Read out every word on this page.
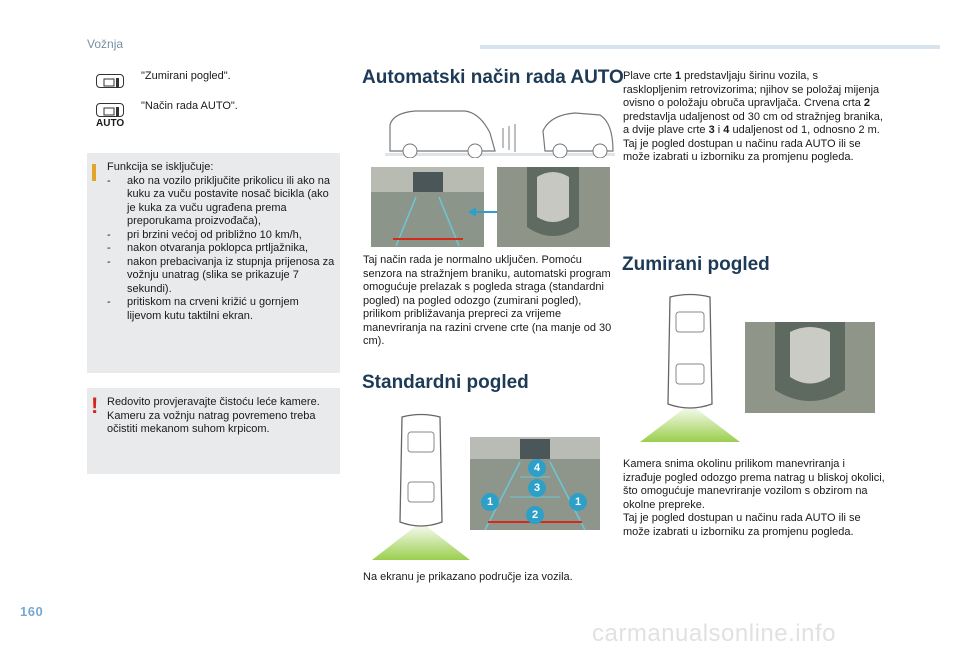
Vožnja
"Zumirani pogled".
AUTO
"Način rada AUTO".
Funkcija se isključuje:
- ako na vozilo priključite prikolicu ili ako na kuku za vuču postavite nosač bicikla (ako je kuka za vuču ugrađena prema preporukama proizvođača),
- pri brzini većoj od približno 10 km/h,
- nakon otvaranja poklopca prtljažnika,
- nakon prebacivanja iz stupnja prijenosa za vožnju unatrag (slika se prikazuje 7 sekundi).
- pritiskom na crveni križić u gornjem lijevom kutu taktilni ekran.
! Redovito provjeravajte čistoću leće kamere.
Kameru za vožnju natrag povremeno treba očistiti mekanom suhom krpicom.
Automatski način rada AUTO
Taj način rada je normalno uključen. Pomoću senzora na stražnjem braniku, automatski program omogućuje prelazak s pogleda straga (standardni pogled) na pogled odozgo (zumirani pogled), prilikom približavanja prepreci za vrijeme manevriranja na razini crvene crte (na manje od 30 cm).
Standardni pogled
1
2
3
4
1
Na ekranu je prikazano područje iza vozila.
Plave crte 1 predstavljaju širinu vozila, s rasklopljenim retrovizorima; njihov se položaj mijenja ovisno o položaju obruča upravljača. Crvena crta 2 predstavlja udaljenost od 30 cm od stražnjeg branika, a dvije plave crte 3 i 4 udaljenost od 1, odnosno 2 m.
Taj je pogled dostupan u načinu rada AUTO ili se može izabrati u izborniku za promjenu pogleda.
Zumirani pogled
Kamera snima okolinu prilikom manevriranja i izrađuje pogled odozgo prema natrag u bliskoj okolici, što omogućuje manevriranje vozilom s obzirom na okolne prepreke.
Taj je pogled dostupan u načinu rada AUTO ili se može izabrati u izborniku za promjenu pogleda.
160
carmanualsonline.info
